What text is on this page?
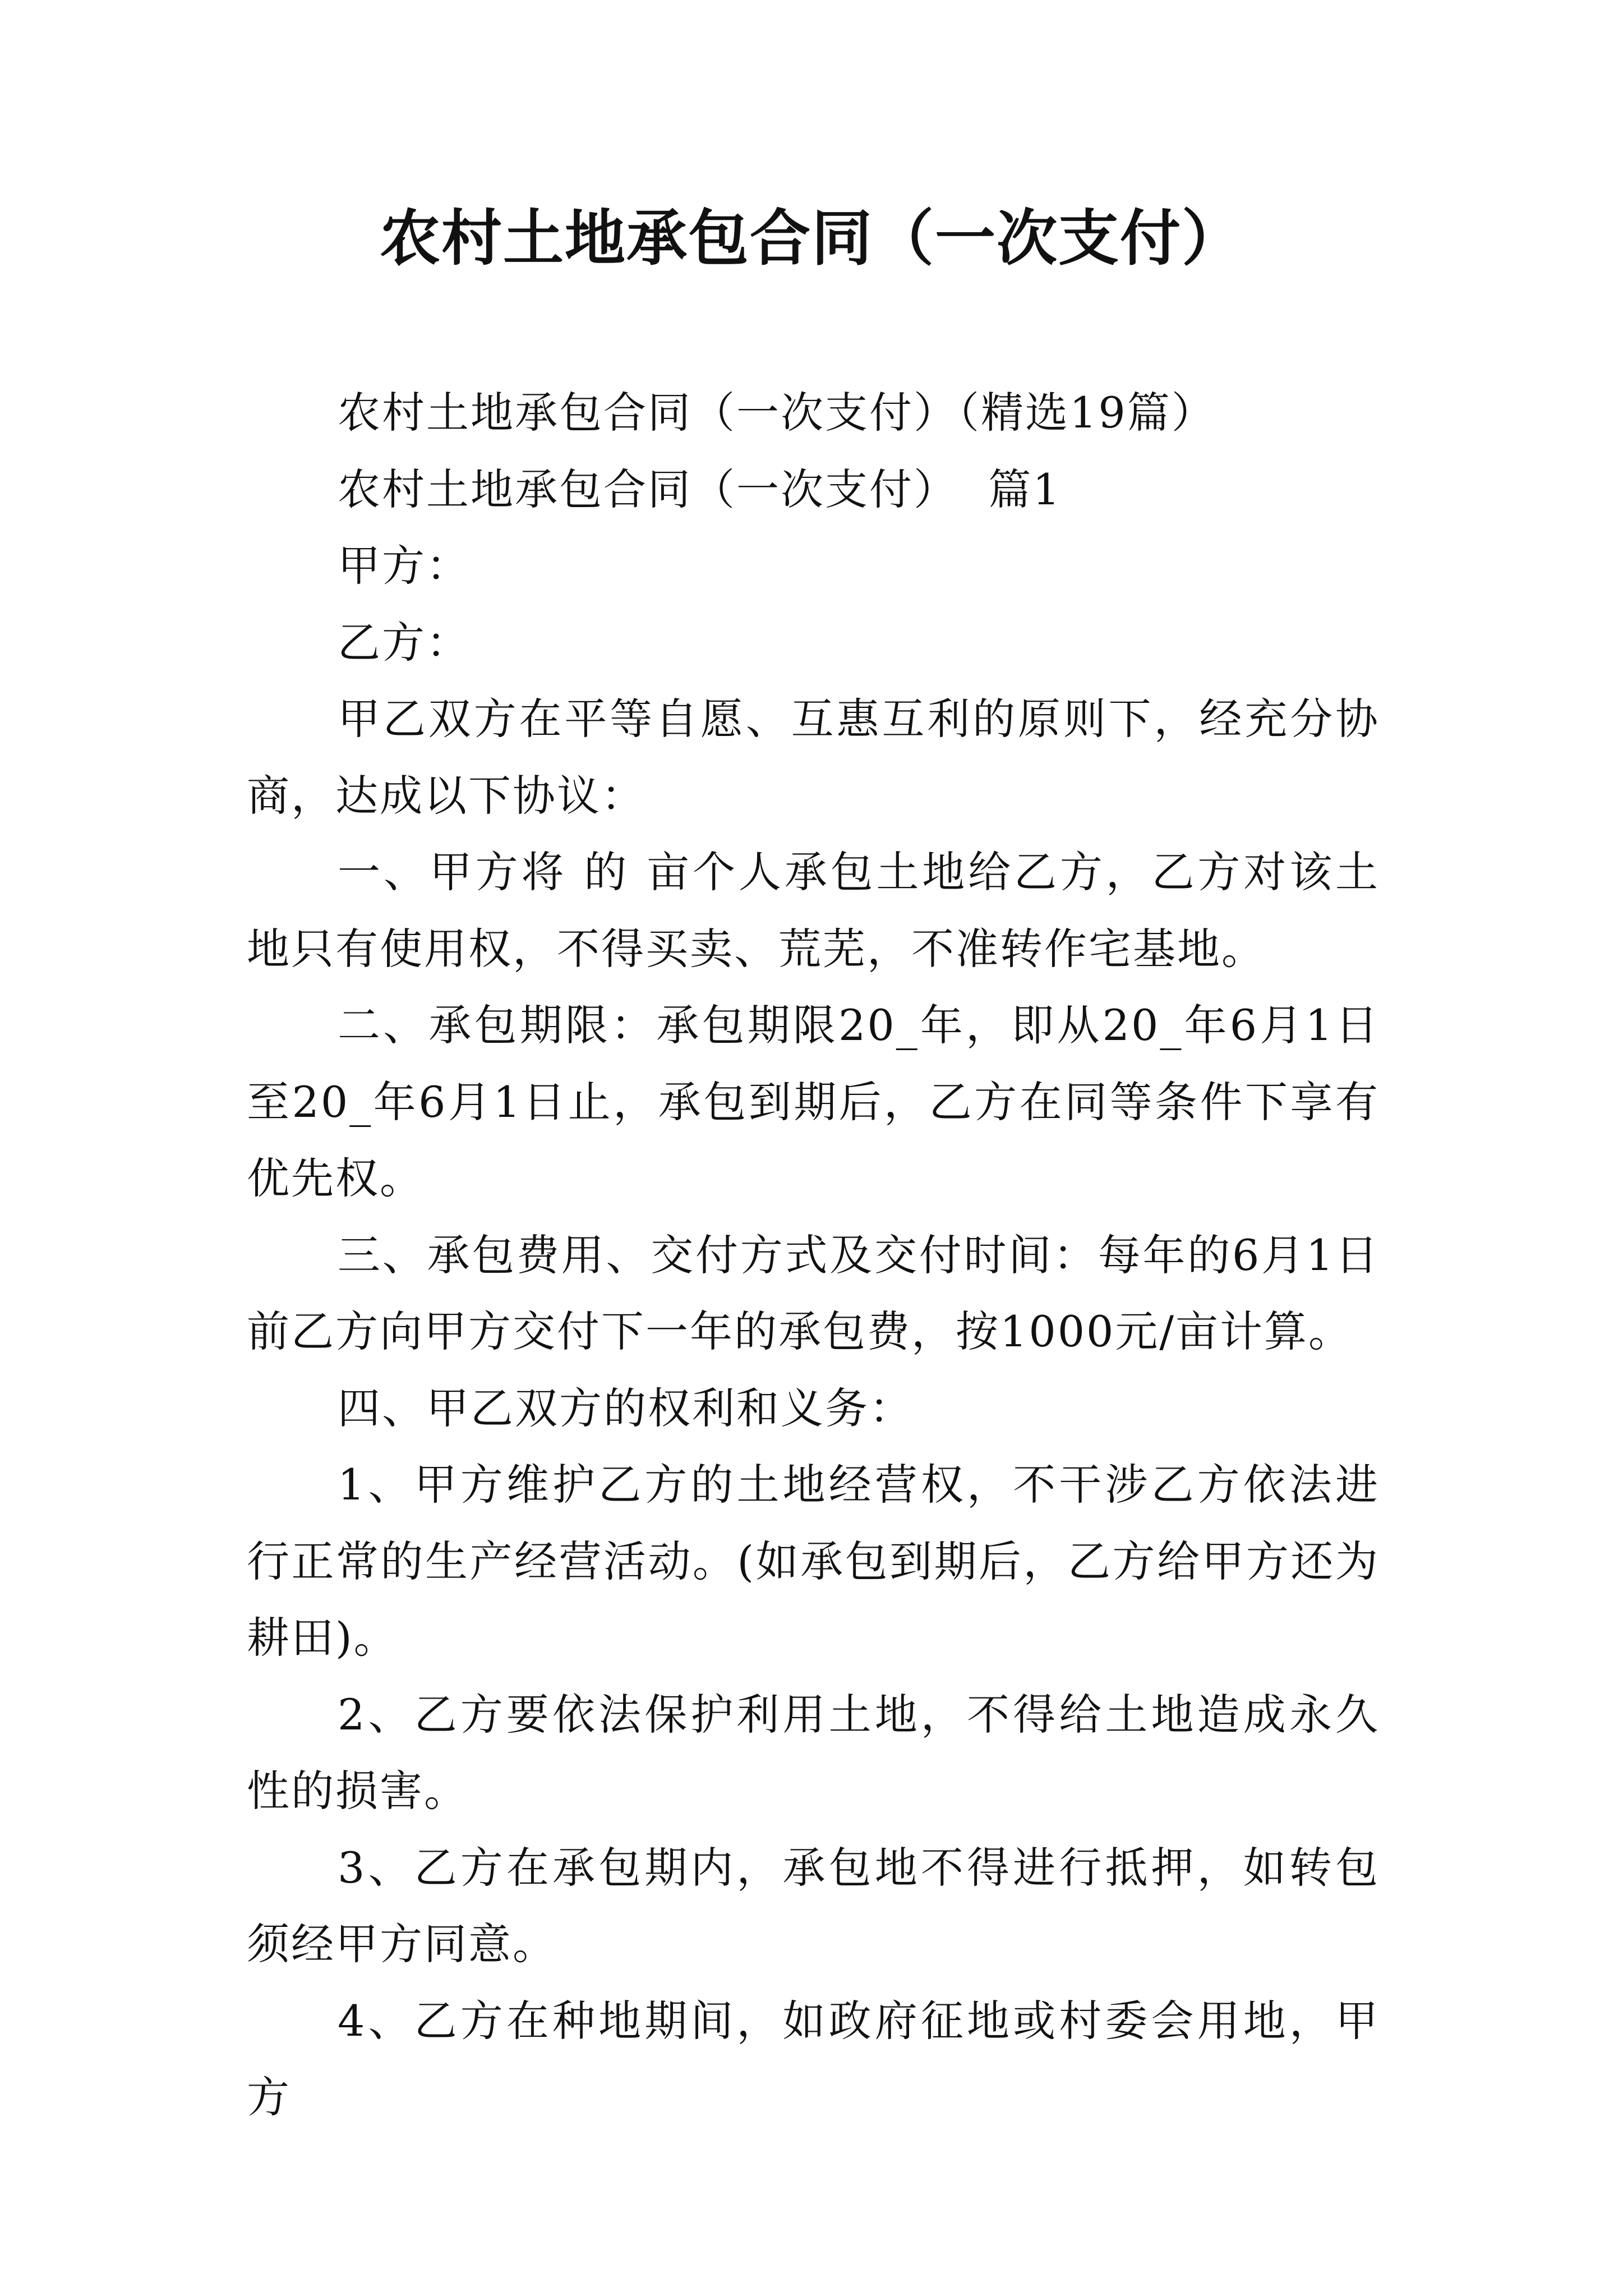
农村土地承包合同（一次支付）

农村土地承包合同（一次支付）（精选19篇）

农村土地承包合同（一次支付）  篇1

甲方：

乙方：

甲乙双方在平等自愿、互惠互利的原则下，经充分协商，达成以下协议：

一、甲方将 的 亩个人承包土地给乙方，乙方对该土地只有使用权，不得买卖、荒芜，不准转作宅基地。

二、承包期限：承包期限20_年，即从20_年6月1日至20_年6月1日止，承包到期后，乙方在同等条件下享有优先权。

三、承包费用、交付方式及交付时间：每年的6月1日前乙方向甲方交付下一年的承包费，按1000元/亩计算。

四、甲乙双方的权利和义务：

1、甲方维护乙方的土地经营权，不干涉乙方依法进行正常的生产经营活动。(如承包到期后，乙方给甲方还为耕田)。

2、乙方要依法保护利用土地，不得给土地造成永久性的损害。

3、乙方在承包期内，承包地不得进行抵押，如转包须经甲方同意。

4、乙方在种地期间，如政府征地或村委会用地，甲方
